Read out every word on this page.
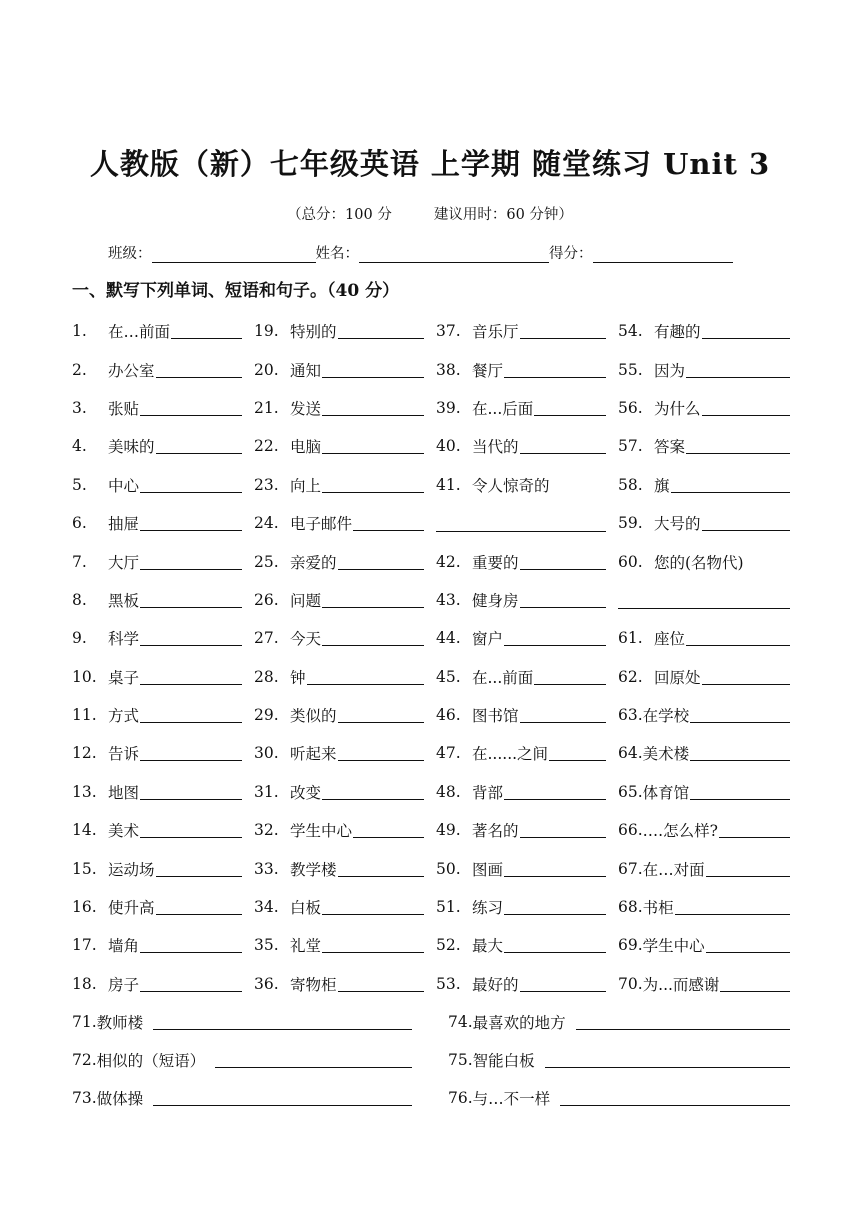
人教版（新）七年级英语 上学期 随堂练习 Unit 3
（总分：100 分	建议用时：60 分钟）
班级：	姓名：	得分：
一、默写下列单词、短语和句子。（40 分）
1.	在…前面	19. 特别的	37. 音乐厅	54. 有趣的
2.	办公室	20. 通知	38. 餐厅	55. 因为
3.	张贴	21. 发送	39. 在...后面	56. 为什么
4.	美味的	22. 电脑	40. 当代的	57. 答案
5.	中心	23. 向上	41. 令人惊奇的	58. 旗
6.	抽屉	24. 电子邮件	59. 大号的
7.	大厅	25. 亲爱的	42. 重要的	60. 您的(名物代)
8.	黑板	26. 问题	43. 健身房
9.	科学	27. 今天	44. 窗户	61. 座位
10. 桌子	28. 钟	45. 在...前面	62. 回原处
11. 方式	29. 类似的	46. 图书馆	63. 在学校
12. 告诉	30. 听起来	47. 在......之间	64. 美术楼
13. 地图	31. 改变	48. 背部	65. 体育馆
14. 美术	32. 学生中心	49. 著名的	66. ….怎么样?
15. 运动场	33. 教学楼	50. 图画	67. 在…对面
16. 使升高	34. 白板	51. 练习	68. 书柜
17. 墙角	35. 礼堂	52. 最大	69. 学生中心
18. 房子	36. 寄物柜	53. 最好的	70. 为...而感谢
71. 教师楼	74. 最喜欢的地方
72. 相似的（短语）	75. 智能白板
73. 做体操	76. 与…不一样
